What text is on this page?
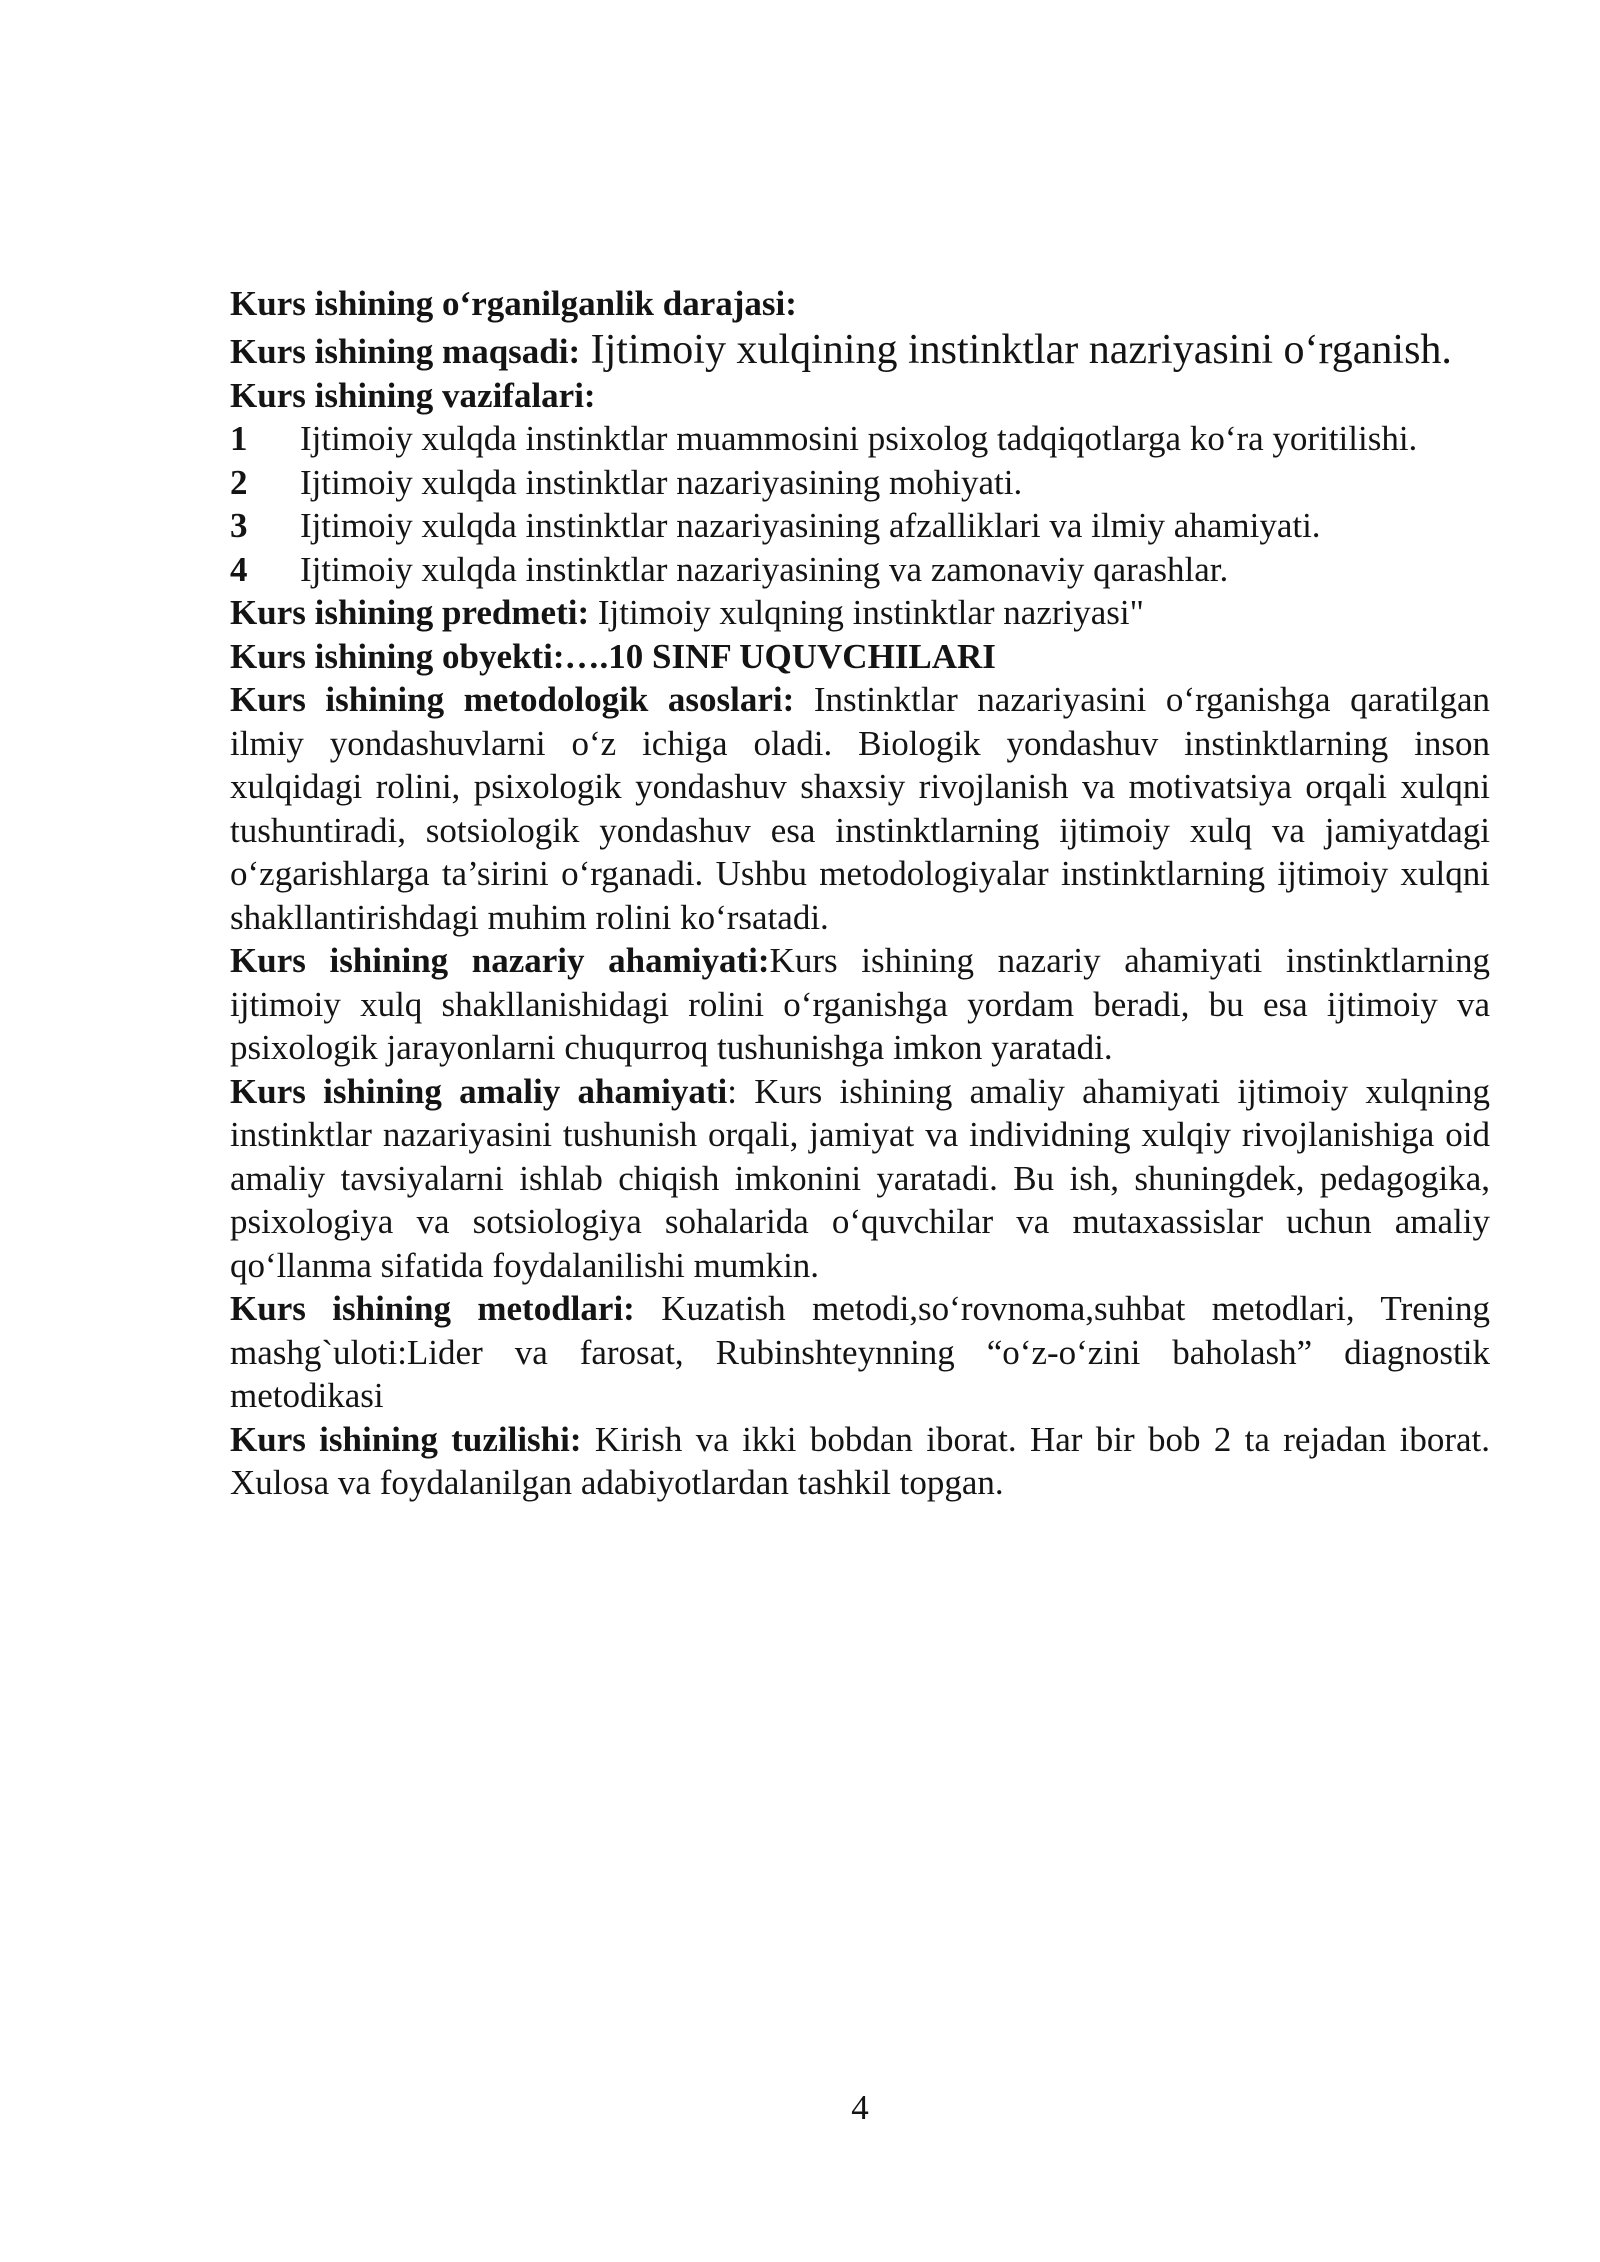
Kurs ishining o‘rganilganlik darajasi:

Kurs ishining maqsadi: Ijtimoiy xulqining instinktlar nazriyasini o‘rganish.

Kurs ishining vazifalari:

1	Ijtimoiy xulqda instinktlar muammosini psixolog tadqiqotlarga ko‘ra yoritilishi.
2	Ijtimoiy xulqda instinktlar nazariyasining mohiyati.
3	Ijtimoiy xulqda instinktlar nazariyasining afzalliklari va ilmiy ahamiyati.
4	Ijtimoiy xulqda instinktlar nazariyasining va zamonaviy qarashlar.

Kurs ishining predmeti: Ijtimoiy xulqning instinktlar nazriyasi"

Kurs ishining obyekti:….10 SINF UQUVCHILARI

Kurs ishining metodologik asoslari: Instinktlar nazariyasini o‘rganishga qaratilgan ilmiy yondashuvlarni o‘z ichiga oladi. Biologik yondashuv instinktlarning inson xulqidagi rolini, psixologik yondashuv shaxsiy rivojlanish va motivatsiya orqali xulqni tushuntiradi, sotsiologik yondashuv esa instinktlarning ijtimoiy xulq va jamiyatdagi o‘zgarishlarga ta’sirini o‘rganadi. Ushbu metodologiyalar instinktlarning ijtimoiy xulqni shakllantirishdagi muhim rolini ko‘rsatadi.

Kurs ishining nazariy ahamiyati:Kurs ishining nazariy ahamiyati instinktlarning ijtimoiy xulq shakllanishidagi rolini o‘rganishga yordam beradi, bu esa ijtimoiy va psixologik jarayonlarni chuqurroq tushunishga imkon yaratadi.

Kurs ishining amaliy ahamiyati: Kurs ishining amaliy ahamiyati ijtimoiy xulqning instinktlar nazariyasini tushunish orqali, jamiyat va individning xulqiy rivojlanishiga oid amaliy tavsiyalarni ishlab chiqish imkonini yaratadi. Bu ish, shuningdek, pedagogika, psixologiya va sotsiologiya sohalarida o‘quvchilar va mutaxassislar uchun amaliy qo‘llanma sifatida foydalanilishi mumkin.

Kurs ishining metodlari: Kuzatish metodi,so‘rovnoma,suhbat metodlari, Trening mashg`uloti:Lider va farosat, Rubinshteynning “o‘z-o‘zini baholash” diagnostik metodikasi

Kurs ishining tuzilishi: Kirish va ikki bobdan iborat. Har bir bob 2 ta rejadan iborat. Xulosa va foydalanilgan adabiyotlardan tashkil topgan.

4
